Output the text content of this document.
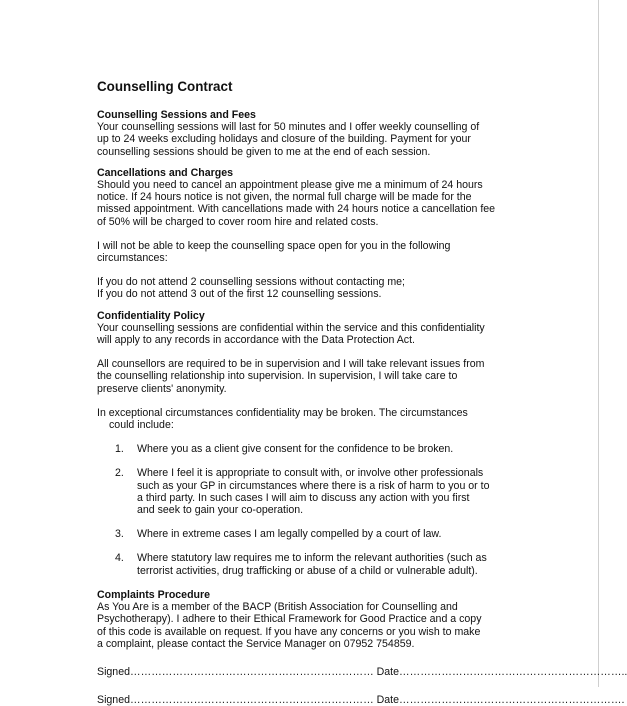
Counselling Contract
Counselling Sessions and Fees
Your counselling sessions will last for 50 minutes and I offer weekly counselling of
up to 24 weeks excluding holidays and closure of the building. Payment for your
counselling sessions should be given to me at the end of each session.
Cancellations and Charges
Should you need to cancel an appointment please give me a minimum of 24 hours
notice. If 24 hours notice is not given, the normal full charge will be made for the
missed appointment. With cancellations made with 24 hours notice a cancellation fee
of 50% will be charged to cover room hire and related costs.
I will not be able to keep the counselling space open for you in the following
circumstances:
If you do not attend 2 counselling sessions without contacting me;
If you do not attend 3 out of the first 12 counselling sessions.
Confidentiality Policy
Your counselling sessions are confidential within the service and this confidentiality
will apply to any records in accordance with the Data Protection Act.
All counsellors are required to be in supervision and I will take relevant issues from
the counselling relationship into supervision. In supervision, I will take care to
preserve clients' anonymity.
In exceptional circumstances confidentiality may be broken. The circumstances
could include:
1. Where you as a client give consent for the confidence to be broken.
2. Where I feel it is appropriate to consult with, or involve other professionals
such as your GP in circumstances where there is a risk of harm to you or to
a third party. In such cases I will aim to discuss any action with you first
and seek to gain your co-operation.
3. Where in extreme cases I am legally compelled by a court of law.
4. Where statutory law requires me to inform the relevant authorities (such as
terrorist activities, drug trafficking or abuse of a child or vulnerable adult).
Complaints Procedure
As You Are is a member of the BACP (British Association for Counselling and
Psychotherapy). I adhere to their Ethical Framework for Good Practice and a copy
of this code is available on request. If you have any concerns or you wish to make
a complaint, please contact the Service Manager on 07952 754859.
Signed…………………………………………………………… Date………………………………………………………..
Signed…………………………………………………………… Date……………………………………………………….
